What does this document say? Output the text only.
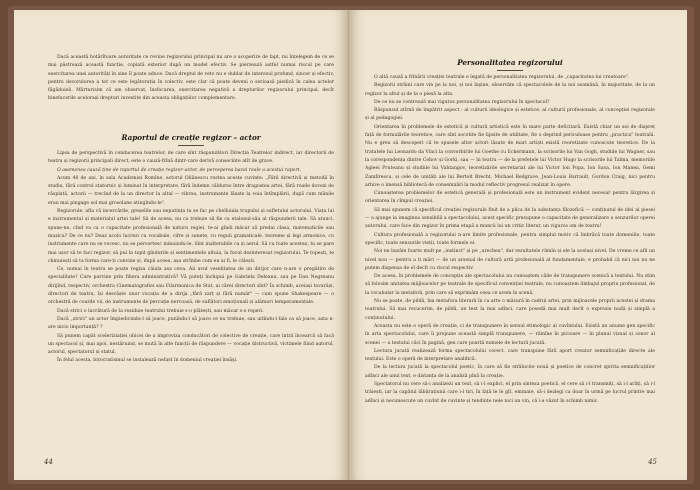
Dacă această hotărîtoare autoritate ce revine regizorului principal nu are o acoperire de fapt, nu înțelegem de ce se mai păstrează această funcție, copiată exterior după un model efectiv. Se pierzează astfel numai riscul pe care exercitarea unei autorități în sine îl poate aduce. Dacă dreptul de veto nu e dublat de interesul profund, sincer și efectiv, pentru decorulorea a tot ce este legătorația în colectiv, este clar că poate deveni o serioasă piedică în calea actelor făgăduieli. Mărturisim că am observat, însfocarea, exercitarea negativă a drepturilor regizorului principal, decît binefacerile acelorași drepturi investite din aceasta obligațiilor complementare.

Raportul de creație regizor – actor

Lipsa de perspectivă în conducerea teatrelor, de care sînt răspunzători Direcția Teatrelor indirect, iar directorii de teatru și regizorii principali direct, este o cauză-frînă dintr-care derivă consecinte atît de grave.

O asemenea cauză ține de raportul de creație regizor–actor, de perceperea bazei reale a acestui raport.

Acum 40 de ani, în sala Academiei Romîne, actorul Ollănescu rostea aceste cuvinte: „Fără directivă și metodă în studiu, fără control statornic și luminat în interpretare, fără îndemn călduros între dragostea artei, fără roade dovezi de răsplată, actorii — trecînd de la un director la altul — vibrau, instrumente lăsate la voia întîmplării, după cum mîinile erau mai pingage sol mai grosolane atingîndu-le".

Regizorule, afla că incercările, greșelile sau neputința ta se fac pe chelluiala trupului și sufletului actorului. Viața lui e instrumentul și materialul artei tale! Să de aceea, nu ca trebuie să fie ca etalonul-său al răspunderii tale. Să atunci, spune-ne, cînd va ca o capacitate profesională de natura regiei, te-ai gîndi măcar să predai clasa, matematicile sau muzica? De ce nu? Deaz acolo lucrezi cu vocabule, cifre și sunete, cu reguli gramaticale, teoreme și legi armonice, cu instrumente care nu se vocesc, nu se pervertesc minuindu-le. Sînt inalterabile ca și aerul. Să cu toate acestea, tu se pare mai ușor să te faci regizor, să pui la topit gîndurile și sentimentele altuia, la focul dezinteresat regizorului. Te topești, te chinuiești să ta forma care-ți convine și, după aceea, așa strîmbe cum eu ai fi, le câlești.

Ce, numai în teatru se poate regiza căiala asa ceva. Aii avut veselitatea de un dirijor care n-are o pregătire de specialitate? Care parvine prin filiera administrativă? Vă puteți închipui pe Gabriela Deleanu, sau pe Dan Negreanu dirijînd, respectiv, orchestra Cinematografiei sau Filarmonica de Stat, ai cărei directori sînt? Îa schimb, aceiași tovarăși, directori de teatru, își desvăște unor vocația de a dirija „fără zarț și fără număr" — cum spune Shakespeare — o orchestră de coarde vii, de instrumente de percuție nervoasă, de suflători emoționali și alămuri temperamentale.

Dacă strici o lucrătură de la reziduie teatrului trebuie s-o plătești, sau măcar s-o reperi.

Dacă „strici" un actor împiedicindu-l să joace, punîndu-l să joace ce nu trebuie, sau uitîndu-l fals ca să joace, asta n-are nicio importanță? ?

Să punem capăt sceleriziației obicei de a improviza conducători de colective de creație, care intră încearcă să facă un spectacol și, mai apoi, nestăruind, se mută în alte funcții de răspundere — vocație distructivă, victimele fiind autorul, actorul, spectatorul și statul.

În felul acesta, birocratismul se instalează nefast în domeniul creației însăși.

44

Personalitatea regizorului

O altă cauză a frînării creației teatrale e legată de personalitatea regizorului, de „capacitatea lui creatoare".

Regizorii străini care vin pe la noi, și noi înșine, observăm că spectacolele de la noi seamănă, în majoritate, de la un regizor la altul și de la o piesă la alta.

De ce nu se contrează mai viguros personalitatea regizorului în spectacol?

Răspunsul atîrnă de împătrit aspect : al culturii ideologice și estetice, al culturii profesionale, al concepției regizorale și al pedagogiei.

Orientarea în problemele de estetică și cultură artistică este în mare parte deficitară. Există chiar un soi de dispreț față de formulările teoretice, care sînt socotite fie lipsite de utilitate, fie o deprind periculoase pentru „practica" teatrală. Nu e greu să descoperi că te spusele altor actori lăsate de mari artiști există reoretizate cunoscute teoretice. De la tratatele lui Leonardo da Vinci la convorbirile lui Goethe cu Eckermann, la scrisorile lui Van Gogh, studiile lui Wagner, sau la corespondența dintre Cehov și Gorki, sau — în teatru — de la prefețele lui Victor Hugo la scrisorile lui Talma, memoriile Agleei Pruteanu și studiile lui Vahtangov, teoretizările secretariat ale lui Victor Ion Popa, Ion Sava, Ion Manea, Gemi Zamfirescu, și cele de unități ale lui Bertolt Brecht, Michael Redgrave, Jean-Louis Barrault, Gordon Craig, nici pentru arhive o imensă bibliotecă de consemnări la modul reflectiv progresul realizat în opere.

Cunoașterea problemelor de estetică generală și profesională este un instrument evident necesar pentru lărgirea și orientarea în cîmpul creației.

Să mai spunem că specificul creației regizorale finit de a plica de la substanța filozofică — conținutul de idei al piesei — a ajunge la imaginea sensibilă a spectacolului, acest specific presupune o capacitate de generalizare a senzurilor operei autorului, care face din regizor în prima etapă a muncii lui un critic literar, un viguros om de teatru!

Cultura profesională a regizorului n-are limite profesionale, pentru simplul motiv că îmbrăcă toate domeniile, toate specific, toate sensurile vieții, toate formele ei.

Noi ne bazăm foarte mult pe „instinct" și pe „urechea", dar rezultatele rămîn și ele la același nivel. De vreme ce afli un nivel nou — pentru a ti mări — de un arsenal de cultură artă profesională al fundamentale, e probabil că nici noi nu ne putem dispensa de el decît cu riscul respectiv.

De aceea, în problemele de concepție ale spectacolului nu cunoaștem căile de transpunere scenică a textului. Nu știm să folosim unitatea miijloacelor pe teatrale de specificul convenției teatrale, nu cunoaștem limbajul propriu profesional, de la vocabular la metaforă, prin care să exprimăm ceea ce avem în scenă.

Nu se poate, de pildă, îna metafora literară în ca arte o măsură în cadrul artei, prin mijloacele proprii acestei și drama teatrului. Să mai recucerim, de pildă, un text la mai adînci, care posedă mai mult decît o expresie nudă și simplă a conținutului.

Aceasta nu este o operă de creație, ci de transpunere în sensul etimologic al cuvîntului. Există un anume gen specific în arta spectacolului, care îi propune această simplă transpunere, — rămîne în picioare — în planul vizual și sonor al scenei — a textului căci în pagină, gen care poartă numele de lectură jucată.

Lectura jucată realizează forma spectacolului corect, care transpune fără aport creator semnificațiile directe ale textului. Este o operă de interpretare analitică.

De la lectura jucată la spectacolul poetic, în care să fie strălucite nouă și poetice de concret spirita semnificațiilor adînci ale unui text, e distanța de la analiză pînă la creație.

Spectatorul nu cere să-i analizezi un text, să i-l explici, el prin sinteza poetică, el cere să i-l transmiți, să i-l arăți, să i-l trăiești, iar la capătul lăbărațiunii care i-l tiri, în față le le gît, eminate, să-i dezlegi ca doar în urmă pe lucrul printre mai adînci și necunoscute un cuvînt de cuvinte și tendinte nele nici un vin, că i-a văzut în schimb nimic.

45
